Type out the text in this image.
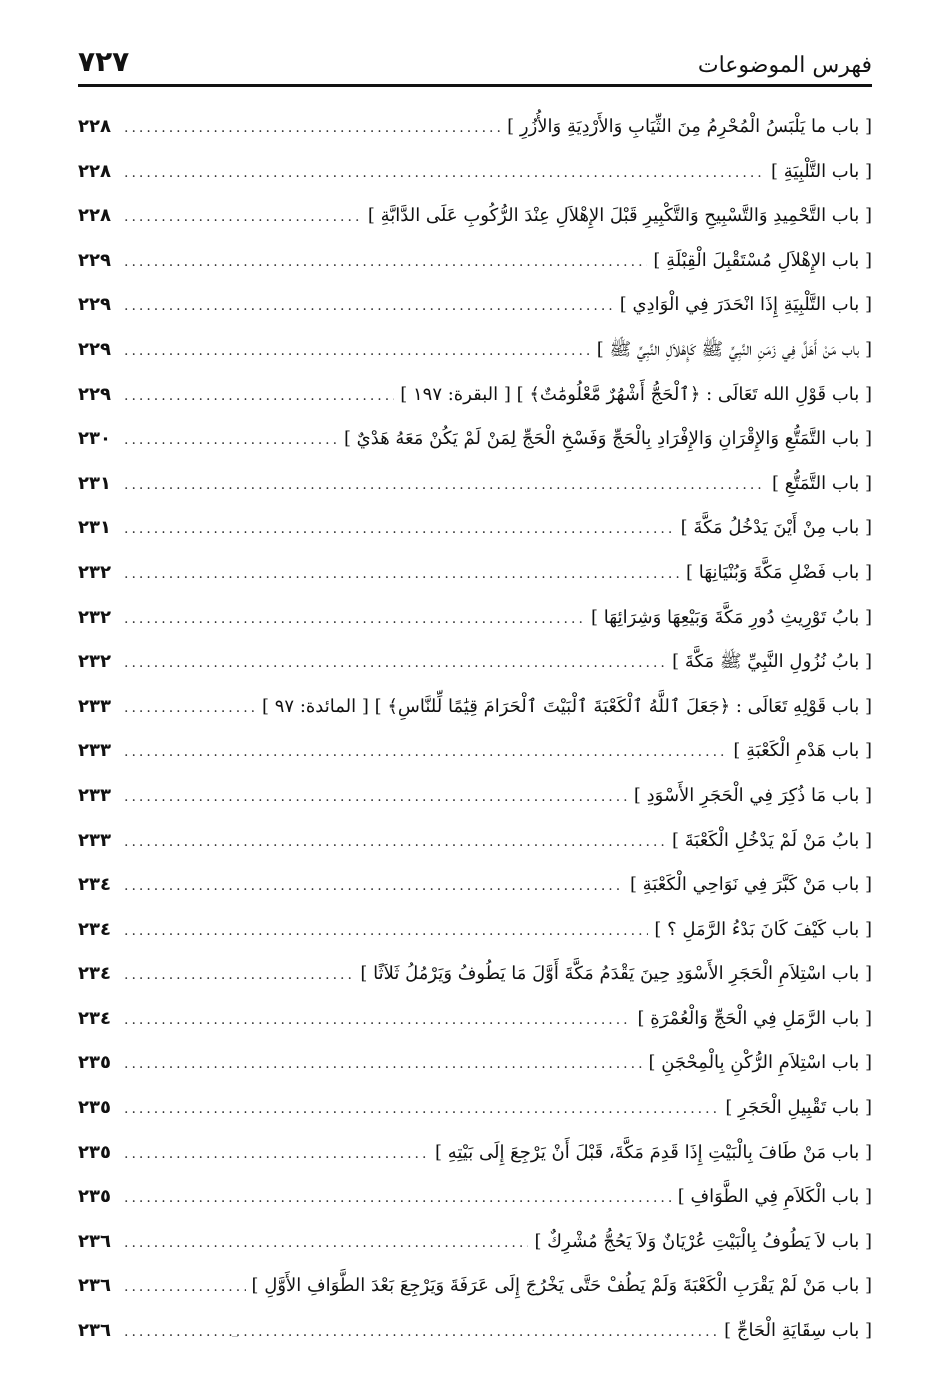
فهرس الموضوعات
٧٢٧
[ باب ما يَلْبَسُ الْمُحْرِمُ مِنَ الثِّيَابِ وَالأَرْدِيَةِ وَالأُزُرِ ]
.....
٢٢٨
[ باب التَّلْبِيَةِ ]
.....
٢٢٨
[ باب التَّحْمِيدِ وَالتَّسْبِيحِ وَالتَّكْبِيرِ قَبْلَ الإِهْلاَلِ عِنْدَ الرُّكُوبِ عَلَى الدَّابَّةِ ]
.....
٢٢٨
[ باب الإِهْلاَلِ مُسْتَقْبِلَ الْقِبْلَةِ ]
.....
٢٢٩
[ باب التَّلْبِيَةِ إِذَا انْحَدَرَ فِي الْوَادِي ]
.....
٢٢٩
[ باب مَنْ أَهَلَّ فِي زَمَنِ النَّبِيِّ ﷺ كَإِهْلاَلِ النَّبِيِّ ﷺ ]
.....
٢٢٩
[ باب قَوْلِ الله تَعَالَى : ﴿ٱلْحَجُّ أَشْهُرٌ مَّعْلُومَٰتٌ﴾ ] [ البقرة: ١٩٧ ]
.....
٢٢٩
[ باب التَّمَتُّعِ وَالإِقْرَانِ وَالإِفْرَادِ بِالْحَجِّ وَفَسْخِ الْحَجِّ لِمَنْ لَمْ يَكُنْ مَعَهُ هَدْيٌ ]
.....
٢٣٠
[ باب التَّمَتُّعِ ]
.....
٢٣١
[ باب مِنْ أَيْنَ يَدْخُلُ مَكَّةَ ]
.....
٢٣١
[ باب فَضْلِ مَكَّةَ وَبُنْيَانِهَا ]
.....
٢٣٢
[ بابُ تَوْرِيثِ دُورِ مَكَّةَ وَبَيْعِهَا وَشِرَائِهَا ]
.....
٢٣٢
[ بابُ نُزُولِ النَّبِيِّ ﷺ مَكَّةَ ]
.....
٢٣٢
[ باب قَوْلِهِ تَعَالَى : ﴿جَعَلَ ٱللَّهُ ٱلْكَعْبَةَ ٱلْبَيْتَ ٱلْحَرَامَ قِيَٰمًا لِّلنَّاسِ﴾ ] [ المائدة: ٩٧ ]
.....
٢٣٣
[ باب هَدْمِ الْكَعْبَةِ ]
.....
٢٣٣
[ باب مَا ذُكِرَ فِي الْحَجَرِ الأَسْوَدِ ]
.....
٢٣٣
[ بابُ مَنْ لَمْ يَدْخُلِ الْكَعْبَةَ ]
.....
٢٣٣
[ باب مَنْ كَبَّرَ فِي نَوَاحِي الْكَعْبَةِ ]
.....
٢٣٤
[ باب كَيْفَ كَانَ بَدْءُ الرَّمَلِ ؟ ]
.....
٢٣٤
[ باب اسْتِلاَمِ الْحَجَرِ الأَسْوَدِ حِينَ يَقْدَمُ مَكَّةَ أَوَّلَ مَا يَطُوفُ وَيَرْمُلُ ثَلاَثًا ]
.....
٢٣٤
[ باب الرَّمَلِ فِي الْحَجِّ وَالْعُمْرَةِ ]
.....
٢٣٤
[ باب اسْتِلاَمِ الرُّكْنِ بِالْمِحْجَنِ ]
.....
٢٣٥
[ باب تَقْبِيلِ الْحَجَرِ ]
.....
٢٣٥
[ باب مَنْ طَافَ بِالْبَيْتِ إِذَا قَدِمَ مَكَّةَ، قَبْلَ أَنْ يَرْجِعَ إِلَى بَيْتِهِ ]
.....
٢٣٥
[ باب الْكَلاَمِ فِي الطَّوَافِ ]
.....
٢٣٥
[ باب لاَ يَطُوفُ بِالْبَيْتِ عُرْيَانٌ وَلاَ يَحُجُّ مُشْرِكٌ ]
.....
٢٣٦
[ باب مَنْ لَمْ يَقْرَبِ الْكَعْبَةَ وَلَمْ يَطُفْ حَتَّى يَخْرُجَ إِلَى عَرَفَةَ وَيَرْجِعَ بَعْدَ الطَّوَافِ الأَوَّلِ ]
.....
٢٣٦
[ باب سِقَايَةِ الْحَاجِّ ]
.....
٢٣٦
